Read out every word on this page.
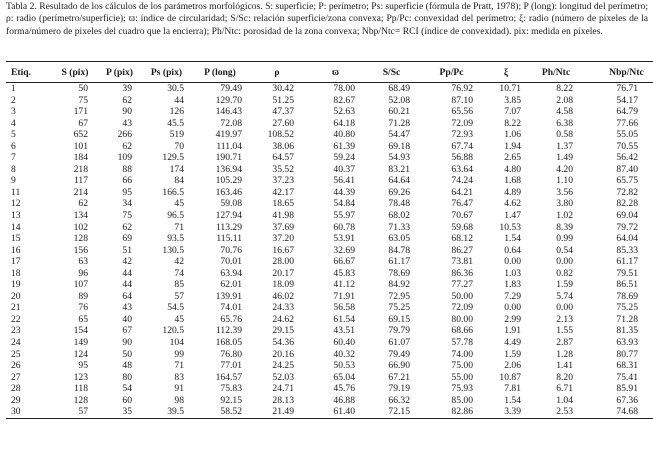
Tabla 2. Resultado de los cálculos de los parámetros morfológicos. S: superficie; P: perímetro; Ps: superficie (fórmula de Pratt, 1978); P (long): longitud del perímetro; ρ: radio (perímetro/superficie); ϖ: índice de circularidad; S/Sc: relación superficie/zona convexa; Pp/Pc: convexidad del perímetro; ξ: radio (número de píxeles de la forma/número de pixeles del cuadro que la encierra); Ph/Ntc: porosidad de la zona convexa; Nbp/Ntc= RCI (índice de convexidad). pix: medida en píxeles.
Etiq.	S (pix)	P (pix)	Ps (pix)	P (long)	ρ	ϖ	S/Sc	Pp/Pc	ξ	Ph/Ntc	Nbp/Ntc
1	50	39	30.5	79.49	30.42	78.00	68.49	76.92	10.71	8.22	76.71
2	75	62	44	129.70	51.25	82.67	52.08	87.10	3.85	2.08	54.17
3	171	90	126	146.43	47.37	52.63	60.21	65.56	7.07	4.58	64.79
4	67	43	45.5	72.08	27.60	64.18	71.28	72.09	8.22	6.38	77.66
5	652	266	519	419.97	108.52	40.80	54.47	72.93	1.06	0.58	55.05
6	101	62	70	111.04	38.06	61.39	69.18	67.74	1.94	1.37	70.55
7	184	109	129.5	190.71	64.57	59.24	54.93	56.88	2.65	1.49	56.42
8	218	88	174	136.94	35.52	40.37	83.21	63.64	4.80	4.20	87.40
9	117	66	84	105.29	37.23	56.41	64.64	74.24	1.68	1.10	65.75
11	214	95	166.5	163.46	42.17	44.39	69.26	64.21	4.89	3.56	72.82
12	62	34	45	59.08	18.65	54.84	78.48	76.47	4.62	3.80	82.28
13	134	75	96.5	127.94	41.98	55.97	68.02	70.67	1.47	1.02	69.04
14	102	62	71	113.29	37.69	60.78	71.33	59.68	10.53	8.39	79.72
15	128	69	93.5	115.11	37.20	53.91	63.05	68.12	1.54	0.99	64.04
16	156	51	130.5	70.76	16.67	32.69	84.78	86.27	0.64	0.54	85.33
17	63	42	42	70.01	28.00	66.67	61.17	73.81	0.00	0.00	61.17
18	96	44	74	63.94	20.17	45.83	78.69	86.36	1.03	0.82	79.51
19	107	44	85	62.01	18.09	41.12	84.92	77.27	1.83	1.59	86.51
20	89	64	57	139.91	46.02	71.91	72.95	50.00	7.29	5.74	78.69
21	76	43	54.5	74.01	24.33	56.58	75.25	72.09	0.00	0.00	75.25
22	65	40	45	65.76	24.62	61.54	69.15	80.00	2.99	2.13	71.28
23	154	67	120.5	112.39	29.15	43.51	79.79	68.66	1.91	1.55	81.35
24	149	90	104	168.05	54.36	60.40	61.07	57.78	4.49	2.87	63.93
25	124	50	99	76.80	20.16	40.32	79.49	74.00	1.59	1.28	80.77
26	95	48	71	77.01	24.25	50.53	66.90	75.00	2.06	1.41	68.31
27	123	80	83	164.57	52.03	65.04	67.21	55.00	10.87	8.20	75.41
28	118	54	91	75.83	24.71	45.76	79.19	75.93	7.81	6.71	85.91
29	128	60	98	92.15	28.13	46.88	66.32	85.00	1.54	1.04	67.36
30	57	35	39.5	58.52	21.49	61.40	72.15	82.86	3.39	2.53	74.68
